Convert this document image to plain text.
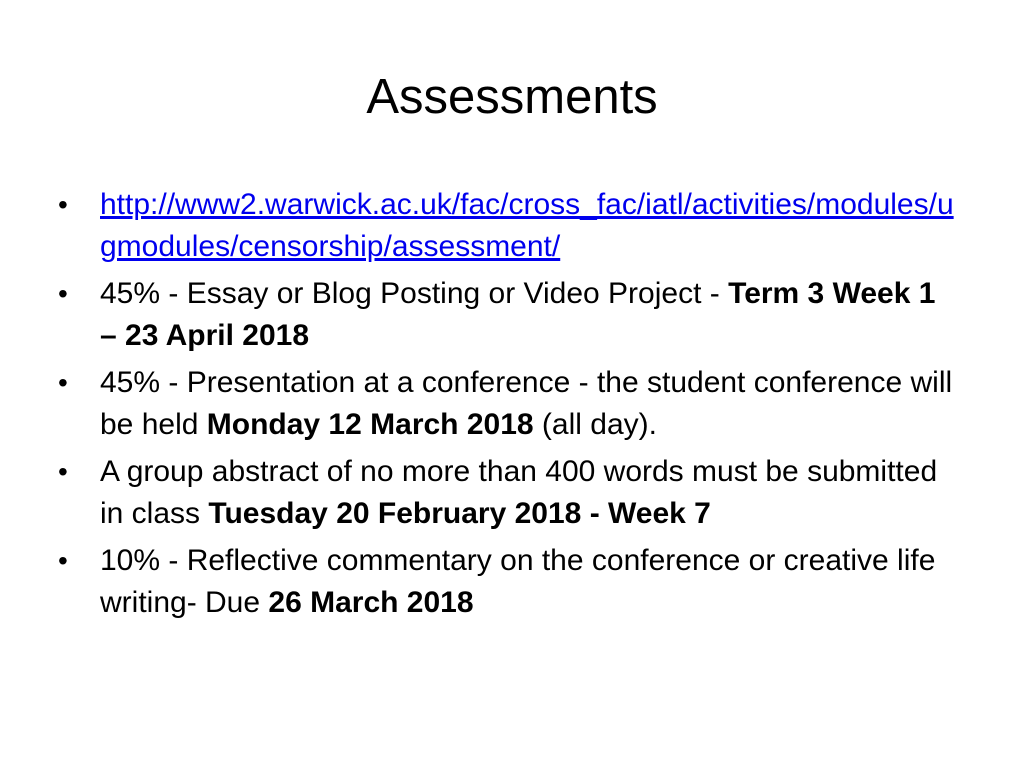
Assessments
•	http://www2.warwick.ac.uk/fac/cross_fac/iatl/activities/modules/ugmodules/censorship/assessment/
•	45% - Essay or Blog Posting or Video Project - Term 3 Week 1 – 23 April 2018
•	45% - Presentation at a conference - the student conference will be held Monday 12 March 2018 (all day).
•	A group abstract of no more than 400 words must be submitted in class Tuesday 20 February 2018 - Week 7
•	10% - Reflective commentary on the conference or creative life writing- Due 26 March 2018
